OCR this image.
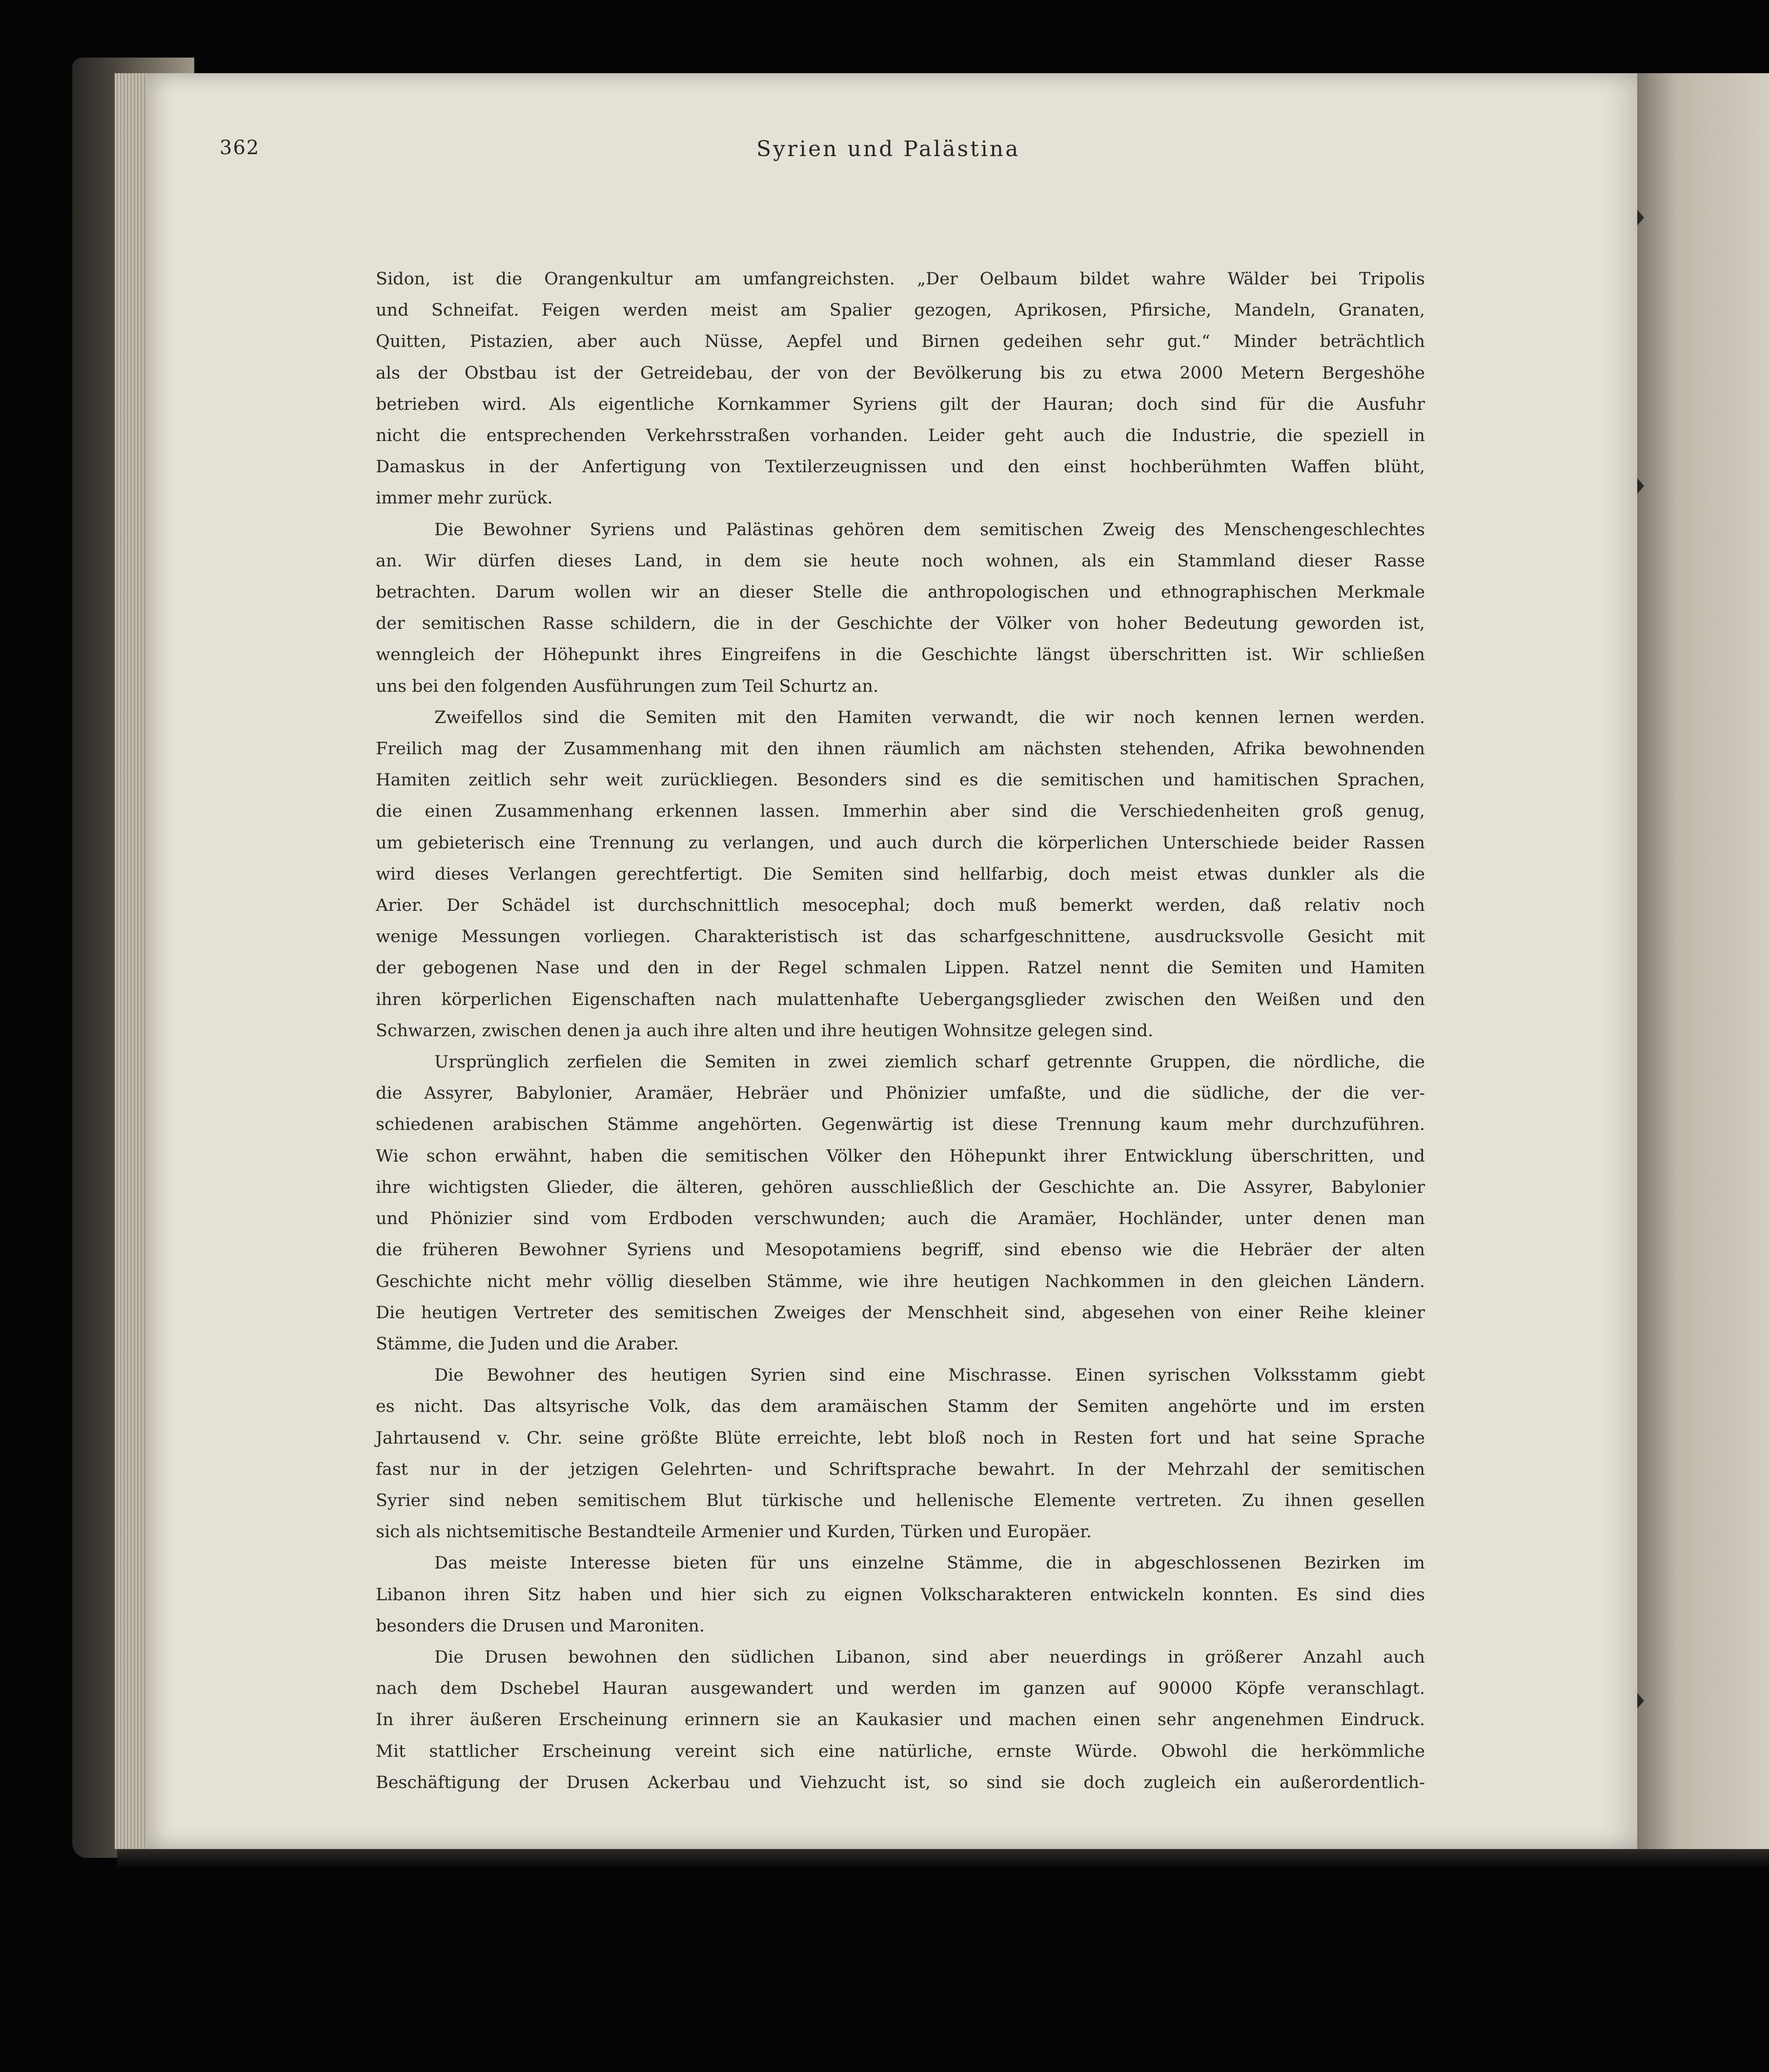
362	Syrien und Palästina
Sidon, ist die Orangenkultur am umfangreichsten. „Der Oelbaum bildet wahre Wälder bei Tripolis
und Schneifat. Feigen werden meist am Spalier gezogen, Aprikosen, Pfirsiche, Mandeln, Granaten,
Quitten, Pistazien, aber auch Nüsse, Aepfel und Birnen gedeihen sehr gut.“ Minder beträchtlich
als der Obstbau ist der Getreidebau, der von der Bevölkerung bis zu etwa 2000 Metern Bergeshöhe
betrieben wird. Als eigentliche Kornkammer Syriens gilt der Hauran; doch sind für die Ausfuhr
nicht die entsprechenden Verkehrsstraßen vorhanden. Leider geht auch die Industrie, die speziell in
Damaskus in der Anfertigung von Textilerzeugnissen und den einst hochberühmten Waffen blüht,
immer mehr zurück.
Die Bewohner Syriens und Palästinas gehören dem semitischen Zweig des Menschengeschlechtes
an. Wir dürfen dieses Land, in dem sie heute noch wohnen, als ein Stammland dieser Rasse
betrachten. Darum wollen wir an dieser Stelle die anthropologischen und ethnographischen Merkmale
der semitischen Rasse schildern, die in der Geschichte der Völker von hoher Bedeutung geworden ist,
wenngleich der Höhepunkt ihres Eingreifens in die Geschichte längst überschritten ist. Wir schließen
uns bei den folgenden Ausführungen zum Teil Schurtz an.
Zweifellos sind die Semiten mit den Hamiten verwandt, die wir noch kennen lernen werden.
Freilich mag der Zusammenhang mit den ihnen räumlich am nächsten stehenden, Afrika bewohnenden
Hamiten zeitlich sehr weit zurückliegen. Besonders sind es die semitischen und hamitischen Sprachen,
die einen Zusammenhang erkennen lassen. Immerhin aber sind die Verschiedenheiten groß genug,
um gebieterisch eine Trennung zu verlangen, und auch durch die körperlichen Unterschiede beider Rassen
wird dieses Verlangen gerechtfertigt. Die Semiten sind hellfarbig, doch meist etwas dunkler als die
Arier. Der Schädel ist durchschnittlich mesocephal; doch muß bemerkt werden, daß relativ noch
wenige Messungen vorliegen. Charakteristisch ist das scharfgeschnittene, ausdrucksvolle Gesicht mit
der gebogenen Nase und den in der Regel schmalen Lippen. Ratzel nennt die Semiten und Hamiten
ihren körperlichen Eigenschaften nach mulattenhafte Uebergangsglieder zwischen den Weißen und den
Schwarzen, zwischen denen ja auch ihre alten und ihre heutigen Wohnsitze gelegen sind.
Ursprünglich zerfielen die Semiten in zwei ziemlich scharf getrennte Gruppen, die nördliche, die
die Assyrer, Babylonier, Aramäer, Hebräer und Phönizier umfaßte, und die südliche, der die ver-
schiedenen arabischen Stämme angehörten. Gegenwärtig ist diese Trennung kaum mehr durchzuführen.
Wie schon erwähnt, haben die semitischen Völker den Höhepunkt ihrer Entwicklung überschritten, und
ihre wichtigsten Glieder, die älteren, gehören ausschließlich der Geschichte an. Die Assyrer, Babylonier
und Phönizier sind vom Erdboden verschwunden; auch die Aramäer, Hochländer, unter denen man
die früheren Bewohner Syriens und Mesopotamiens begriff, sind ebenso wie die Hebräer der alten
Geschichte nicht mehr völlig dieselben Stämme, wie ihre heutigen Nachkommen in den gleichen Ländern.
Die heutigen Vertreter des semitischen Zweiges der Menschheit sind, abgesehen von einer Reihe kleiner
Stämme, die Juden und die Araber.
Die Bewohner des heutigen Syrien sind eine Mischrasse. Einen syrischen Volksstamm giebt
es nicht. Das altsyrische Volk, das dem aramäischen Stamm der Semiten angehörte und im ersten
Jahrtausend v. Chr. seine größte Blüte erreichte, lebt bloß noch in Resten fort und hat seine Sprache
fast nur in der jetzigen Gelehrten- und Schriftsprache bewahrt. In der Mehrzahl der semitischen
Syrier sind neben semitischem Blut türkische und hellenische Elemente vertreten. Zu ihnen gesellen
sich als nichtsemitische Bestandteile Armenier und Kurden, Türken und Europäer.
Das meiste Interesse bieten für uns einzelne Stämme, die in abgeschlossenen Bezirken im
Libanon ihren Sitz haben und hier sich zu eignen Volkscharakteren entwickeln konnten. Es sind dies
besonders die Drusen und Maroniten.
Die Drusen bewohnen den südlichen Libanon, sind aber neuerdings in größerer Anzahl auch
nach dem Dschebel Hauran ausgewandert und werden im ganzen auf 90000 Köpfe veranschlagt.
In ihrer äußeren Erscheinung erinnern sie an Kaukasier und machen einen sehr angenehmen Eindruck.
Mit stattlicher Erscheinung vereint sich eine natürliche, ernste Würde. Obwohl die herkömmliche
Beschäftigung der Drusen Ackerbau und Viehzucht ist, so sind sie doch zugleich ein außerordentlich-
